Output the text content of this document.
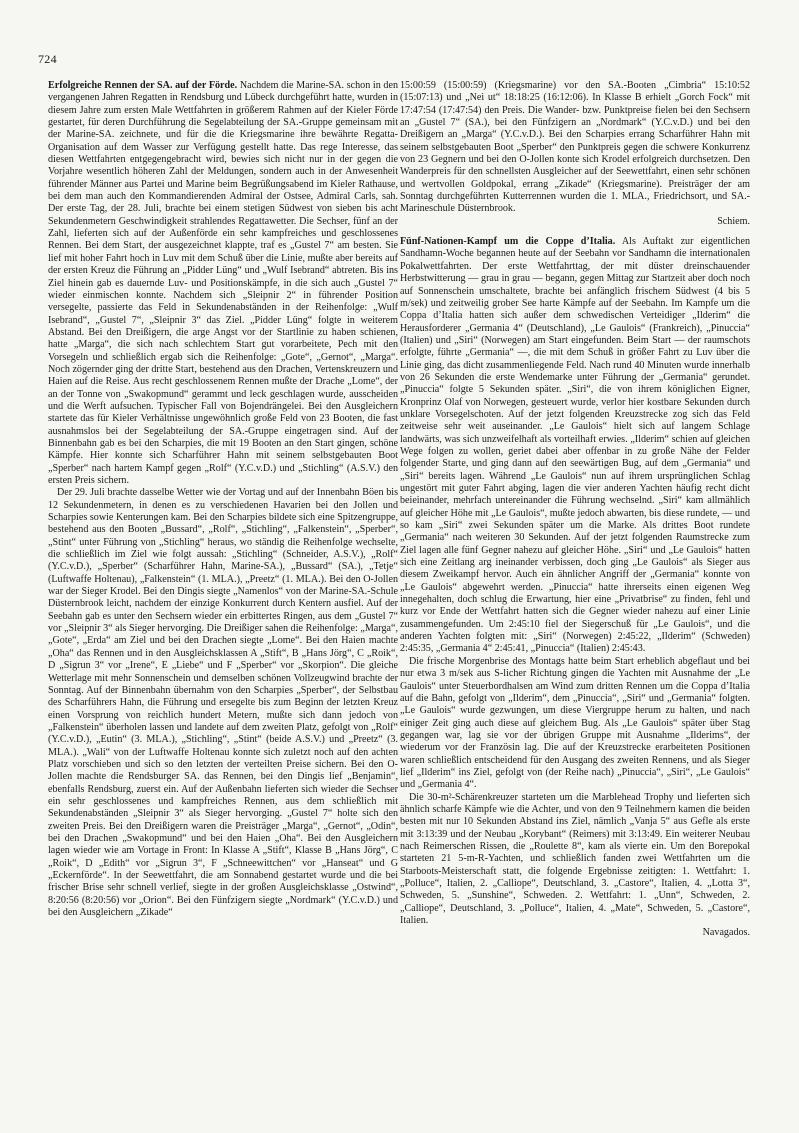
724

Erfolgreiche Rennen der SA. auf der Förde. Nachdem die Marine-SA. schon in den vergangenen Jahren Regatten in Rendsburg und Lübeck durchgeführt hatte, wurden in diesem Jahre zum ersten Male Wettfahrten in größerem Rahmen auf der Kieler Förde gestartet, für deren Durchführung die Segelabteilung der SA.-Gruppe gemeinsam mit der Marine-SA. zeichnete, und für die die Kriegsmarine ihre bewährte Regatta-Organisation auf dem Wasser zur Verfügung gestellt hatte. Das rege Interesse, das diesen Wettfahrten entgegengebracht wird, bewies sich nicht nur in der gegen die Vorjahre wesentlich höheren Zahl der Meldungen, sondern auch in der Anwesenheit führender Männer aus Partei und Marine beim Begrüßungsabend im Kieler Rathause, bei dem man auch den Kommandierenden Admiral der Ostsee, Admiral Carls, sah. Der erste Tag, der 28. Juli, brachte bei einem stetigen Südwest von sieben bis acht Sekundenmetern Geschwindigkeit strahlendes Regattawetter. Die Sechser, fünf an der Zahl, lieferten sich auf der Außenförde ein sehr kampfreiches und geschlossenes Rennen. Bei dem Start, der ausgezeichnet klappte, traf es „Gustel 7“ am besten. Sie lief mit hoher Fahrt hoch in Luv mit dem Schuß über die Linie, mußte aber bereits auf der ersten Kreuz die Führung an „Pidder Lüng“ und „Wulf Isebrand“ abtreten. Bis ins Ziel hinein gab es dauernde Luv- und Positionskämpfe, in die sich auch „Gustel 7“ wieder einmischen konnte. Nachdem sich „Sleipnir 2“ in führender Position versegelte, passierte das Feld in Sekundenabständen in der Reihenfolge: „Wulf Isebrand“, „Gustel 7“, „Sleipnir 3“ das Ziel. „Pidder Lüng“ folgte in weiterem Abstand. Bei den Dreißigern, die arge Angst vor der Startlinie zu haben schienen, hatte „Marga“, die sich nach schlechtem Start gut vorarbeitete, Pech mit den Vorsegeln und schließlich ergab sich die Reihenfolge: „Gote“, „Gernot“, „Marga“. Noch zögernder ging der dritte Start, bestehend aus den Drachen, Vertenskreuzern und Haien auf die Reise. Aus recht geschlossenem Rennen mußte der Drache „Lome“, der an der Tonne von „Swakopmund“ gerammt und leck geschlagen wurde, ausscheiden und die Werft aufsuchen. Typischer Fall von Bojendrängelei. Bei den Ausgleichern startete das für Kieler Verhältnisse ungewöhnlich große Feld von 23 Booten, die fast ausnahmslos bei der Segelabteilung der SA.-Gruppe eingetragen sind. Auf der Binnenbahn gab es bei den Scharpies, die mit 19 Booten an den Start gingen, schöne Kämpfe. Hier konnte sich Scharführer Hahn mit seinem selbstgebauten Boot „Sperber“ nach hartem Kampf gegen „Rolf“ (Y.C.v.D.) und „Stichling“ (A.S.V.) den ersten Preis sichern.

Der 29. Juli brachte dasselbe Wetter wie der Vortag und auf der Innenbahn Böen bis 12 Sekundenmetern, in denen es zu verschiedenen Havarien bei den Jollen und Scharpies sowie Kenterungen kam. Bei den Scharpies bildete sich eine Spitzengruppe, bestehend aus den Booten „Bussard“, „Rolf“, „Stichling“, „Falkenstein“, „Sperber“, „Stint“ unter Führung von „Stichling“ heraus, wo ständig die Reihenfolge wechselte, die schließlich im Ziel wie folgt aussah: „Stichling“ (Schneider, A.S.V.), „Rolf“ (Y.C.v.D.), „Sperber“ (Scharführer Hahn, Marine-SA.), „Bussard“ (SA.), „Tetje“ (Luftwaffe Holtenau), „Falkenstein“ (1. MLA.), „Preetz“ (1. MLA.). Bei den O-Jollen war der Sieger Krodel. Bei den Dingis siegte „Namenlos“ von der Marine-SA.-Schule Düsternbrook leicht, nachdem der einzige Konkurrent durch Kentern ausfiel. Auf der Seebahn gab es unter den Sechsern wieder ein erbittertes Ringen, aus dem „Gustel 7“ vor „Sleipnir 3“ als Sieger hervorging. Die Dreißiger sahen die Reihenfolge: „Marga“, „Gote“, „Erda“ am Ziel und bei den Drachen siegte „Lome“. Bei den Haien machte „Oha“ das Rennen und in den Ausgleichsklassen A „Stift“, B „Hans Jörg“, C „Roik“, D „Sigrun 3“ vor „Irene“, E „Liebe“ und F „Sperber“ vor „Skorpion“. Die gleiche Wetterlage mit mehr Sonnenschein und demselben schönen Vollzeugwind brachte der Sonntag. Auf der Binnenbahn übernahm von den Scharpies „Sperber“, der Selbstbau des Scharführers Hahn, die Führung und ersegelte bis zum Beginn der letzten Kreuz einen Vorsprung von reichlich hundert Metern, mußte sich dann jedoch von „Falkenstein“ überholen lassen und landete auf dem zweiten Platz, gefolgt von „Rolf“ (Y.C.v.D.), „Eutin“ (3. MLA.), „Stichling“, „Stint“ (beide A.S.V.) und „Preetz“ (3. MLA.). „Wali“ von der Luftwaffe Holtenau konnte sich zuletzt noch auf den achten Platz vorschieben und sich so den letzten der verteilten Preise sichern. Bei den O-Jollen machte die Rendsburger SA. das Rennen, bei den Dingis lief „Benjamin“, ebenfalls Rendsburg, zuerst ein. Auf der Außenbahn lieferten sich wieder die Sechser ein sehr geschlossenes und kampfreiches Rennen, aus dem schließlich mit Sekundenabständen „Sleipnir 3“ als Sieger hervorging. „Gustel 7“ holte sich den zweiten Preis. Bei den Dreißigern waren die Preisträger „Marga“, „Gernot“, „Odin“, bei den Drachen „Swakopmund“ und bei den Haien „Oha“. Bei den Ausgleichern lagen wieder wie am Vortage in Front: In Klasse A „Stift“, Klasse B „Hans Jörg“, C „Roik“, D „Edith“ vor „Sigrun 3“, F „Schneewittchen“ vor „Hanseat“ und G „Eckernförde“. In der Seewettfahrt, die am Sonnabend gestartet wurde und die bei frischer Brise sehr schnell verlief, siegte in der großen Ausgleichsklasse „Ostwind“, 8:20:56 (8:20:56) vor „Orion“. Bei den Fünfzigern siegte „Nordmark“ (Y.C.v.D.) und bei den Ausgleichern „Zikade“

15:00:59 (15:00:59) (Kriegsmarine) vor den SA.-Booten „Cimbria“ 15:10:52 (15:07:13) und „Nei ut“ 18:18:25 (16:12:06). In Klasse B erhielt „Gorch Fock“ mit 17:47:54 (17:47:54) den Preis. Die Wander- bzw. Punktpreise fielen bei den Sechsern an „Gustel 7“ (SA.), bei den Fünfzigern an „Nordmark“ (Y.C.v.D.) und bei den Dreißigern an „Marga“ (Y.C.v.D.). Bei den Scharpies errang Scharführer Hahn mit seinem selbstgebauten Boot „Sperber“ den Punktpreis gegen die schwere Konkurrenz von 23 Gegnern und bei den O-Jollen konte sich Krodel erfolgreich durchsetzen. Den Wanderpreis für den schnellsten Ausgleicher auf der Seewettfahrt, einen sehr schönen und wertvollen Goldpokal, errang „Zikade“ (Kriegsmarine). Preisträger der am Sonntag durchgeführten Kutterrennen wurden die 1. MLA., Friedrichsort, und SA.-Marineschule Düsternbrook.

Schiem.

Fünf-Nationen-Kampf um die Coppe d’Italia. Als Auftakt zur eigentlichen Sandhamn-Woche begannen heute auf der Seebahn vor Sandhamn die internationalen Pokalwettfahrten. Der erste Wettfahrttag, der mit düster dreinschauender Herbstwitterung — grau in grau — begann, gegen Mittag zur Startzeit aber doch noch auf Sonnenschein umschaltete, brachte bei anfänglich frischem Südwest (4 bis 5 m/sek) und zeitweilig grober See harte Kämpfe auf der Seebahn. Im Kampfe um die Coppa d’Italia hatten sich außer dem schwedischen Verteidiger „Ilderim“ die Herausforderer „Germania 4“ (Deutschland), „Le Gaulois“ (Frankreich), „Pinuccia“ (Italien) und „Siri“ (Norwegen) am Start eingefunden. Beim Start — der raumschots erfolgte, führte „Germania“ —, die mit dem Schuß in größer Fahrt zu Luv über die Linie ging, das dicht zusammenliegende Feld. Nach rund 40 Minuten wurde innerhalb von 26 Sekunden die erste Wendemarke unter Führung der „Germania“ gerundet. „Pinuccia“ folgte 5 Sekunden später. „Siri“, die von ihrem königlichen Eigner, Kronprinz Olaf von Norwegen, gesteuert wurde, verlor hier kostbare Sekunden durch unklare Vorsegelschoten. Auf der jetzt folgenden Kreuzstrecke zog sich das Feld zeitweise sehr weit auseinander. „Le Gaulois“ hielt sich auf langem Schlage landwärts, was sich unzweifelhaft als vorteilhaft erwies. „Ilderim“ schien auf gleichen Wege folgen zu wollen, geriet dabei aber offenbar in zu große Nähe der Felder folgender Starte, und ging dann auf den seewärtigen Bug, auf dem „Germania“ und „Siri“ bereits lagen. Während „Le Gaulois“ nun auf ihrem ursprünglichen Schlag ungestört mit guter Fahrt abging, lagen die vier anderen Yachten häufig recht dicht beieinander, mehrfach untereinander die Führung wechselnd. „Siri“ kam allmählich auf gleicher Höhe mit „Le Gaulois“, mußte jedoch abwarten, bis diese rundete, — und so kam „Siri“ zwei Sekunden später um die Marke. Als drittes Boot rundete „Germania“ nach weiteren 30 Sekunden. Auf der jetzt folgenden Raumstrecke zum Ziel lagen alle fünf Gegner nahezu auf gleicher Höhe. „Siri“ und „Le Gaulois“ hatten sich eine Zeitlang arg ineinander verbissen, doch ging „Le Gaulois“ als Sieger aus diesem Zweikampf hervor. Auch ein ähnlicher Angriff der „Germania“ konnte von „Le Gaulois“ abgewehrt werden. „Pinuccia“ hatte ihrerseits einen eigenen Weg innegehalten, doch schlug die Erwartung, hier eine „Privatbrise“ zu finden, fehl und kurz vor Ende der Wettfahrt hatten sich die Gegner wieder nahezu auf einer Linie zusammengefunden. Um 2:45:10 fiel der Siegerschuß für „Le Gaulois“, und die anderen Yachten folgten mit: „Siri“ (Norwegen) 2:45:22, „Ilderim“ (Schweden) 2:45:35, „Germania 4“ 2:45:41, „Pinuccia“ (Italien) 2:45:43.

Die frische Morgenbrise des Montags hatte beim Start erheblich abgeflaut und bei nur etwa 3 m/sek aus S-licher Richtung gingen die Yachten mit Ausnahme der „Le Gaulois“ unter Steuerbordhalsen am Wind zum dritten Rennen um die Coppa d’Italia auf die Bahn, gefolgt von „Ilderim“, dem „Pinuccia“, „Siri“ und „Germania“ folgten. „Le Gaulois“ wurde gezwungen, um diese Viergruppe herum zu halten, und nach einiger Zeit ging auch diese auf gleichem Bug. Als „Le Gaulois“ später über Stag gegangen war, lag sie vor der übrigen Gruppe mit Ausnahme „Ilderims“, der wiederum vor der Französin lag. Die auf der Kreuzstrecke erarbeiteten Positionen waren schließlich entscheidend für den Ausgang des zweiten Rennens, und als Sieger lief „Ilderim“ ins Ziel, gefolgt von (der Reihe nach) „Pinuccia“, „Siri“, „Le Gaulois“ und „Germania 4“.

Die 30-m²-Schärenkreuzer starteten um die Marblehead Trophy und lieferten sich ähnlich scharfe Kämpfe wie die Achter, und von den 9 Teilnehmern kamen die beiden besten mit nur 10 Sekunden Abstand ins Ziel, nämlich „Vanja 5“ aus Gefle als erste mit 3:13:39 und der Neubau „Korybant“ (Reimers) mit 3:13:49. Ein weiterer Neubau nach Reimerschen Rissen, die „Roulette 8“, kam als vierte ein. Um den Borepokal starteten 21 5-m-R-Yachten, und schließlich fanden zwei Wettfahrten um die Starboots-Meisterschaft statt, die folgende Ergebnisse zeitigten: 1. Wettfahrt: 1. „Polluce“, Italien, 2. „Calliope“, Deutschland, 3. „Castore“, Italien, 4. „Lotta 3“, Schweden, 5. „Sunshine“, Schweden. 2. Wettfahrt: 1. „Unn“, Schweden, 2. „Calliope“, Deutschland, 3. „Polluce“, Italien, 4. „Mate“, Schweden, 5. „Castore“, Italien.

Navagados.
